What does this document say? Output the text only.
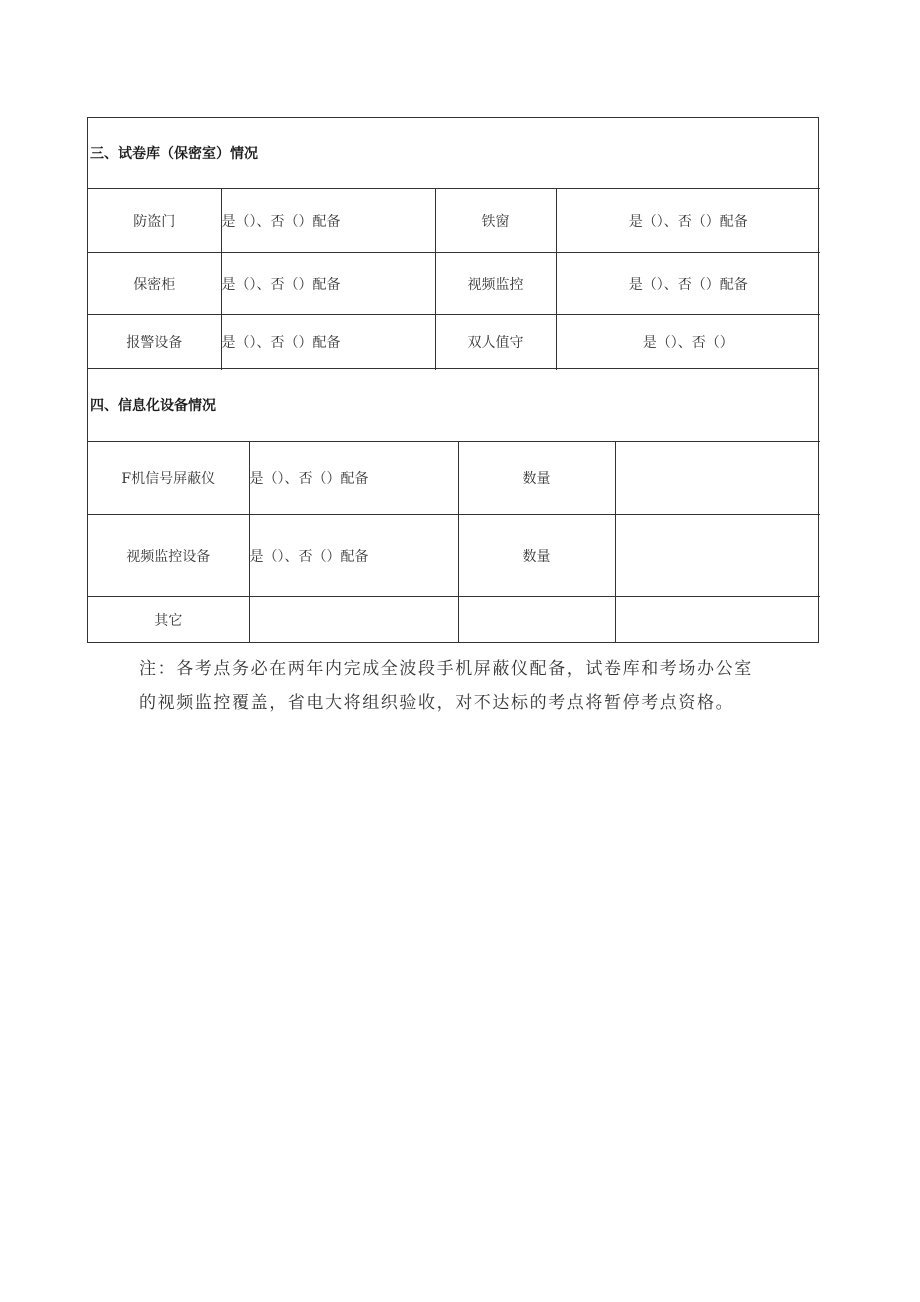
三、试卷库（保密室）情况
防盗门	是（）、否（）配备	铁窗	是（）、否（）配备
保密柜	是（）、否（）配备	视频监控	是（）、否（）配备
报警设备	是（）、否（）配备	双人值守	是（）、否（）
四、信息化设备情况
F机信号屏蔽仪	是（）、否（）配备	数量	
视频监控设备	是（）、否（）配备	数量	
其它			

注：各考点务必在两年内完成全波段手机屏蔽仪配备，试卷库和考场办公室

的视频监控覆盖，省电大将组织验收，对不达标的考点将暂停考点资格。
